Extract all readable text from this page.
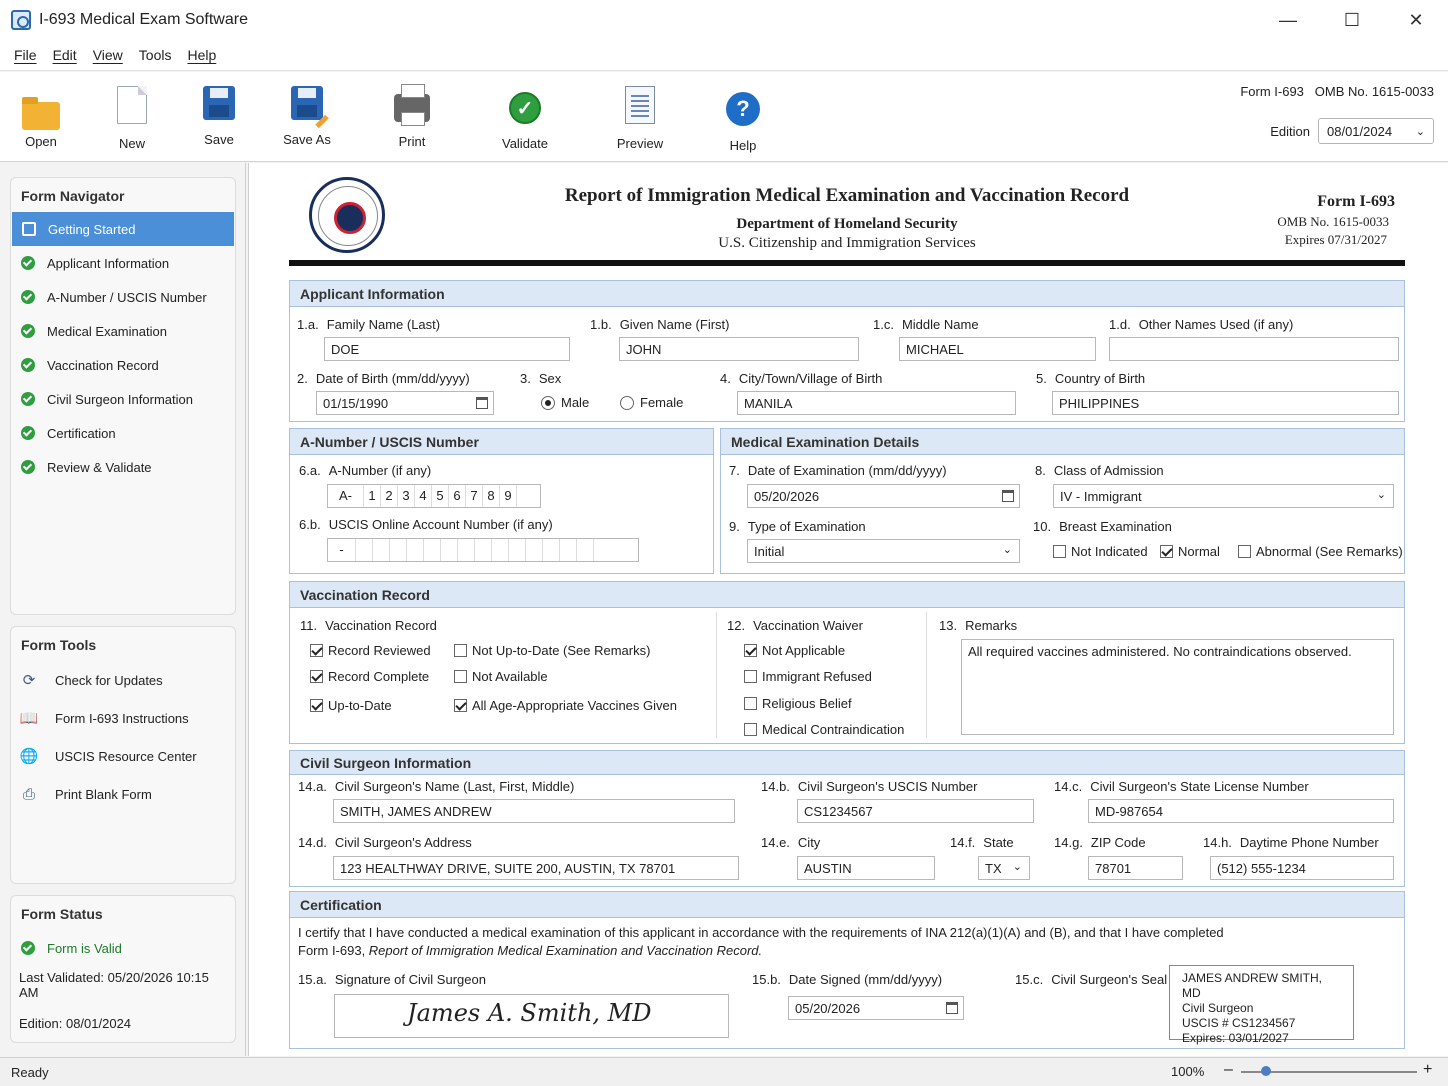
I-693 Medical Exam Software	—	☐	✕
File	Edit	View	Tools	Help
Open	New	Save	Save As	Print
✓
Validate	Preview
?
Help
Form I-693 OMB No. 1615-0033
Edition 08/01/2024 ⌄
Form Navigator
Getting Started
Applicant Information
A-Number / USCIS Number
Medical Examination
Vaccination Record
Civil Surgeon Information
Certification
Review & Validate
Form Tools
⟳ Check for Updates
📖 Form I-693 Instructions
🌐 USCIS Resource Center
⎙	Print Blank Form
Form Status
Form is Valid
Last Validated: 05/20/2026 10:15 AM
Edition: 08/01/2024
Report of Immigration Medical Examination and Vaccination Record
Department of Homeland Security
U.S. Citizenship and Immigration Services
Form I-693
OMB No. 1615-0033
Expires 07/31/2027
Applicant Information
1.a. Family Name (Last)
DOE
1.b. Given Name (First)
JOHN
1.c. Middle Name
MICHAEL
1.d. Other Names Used (if any)
2. Date of Birth (mm/dd/yyyy)
01/15/1990
3. Sex
Male	Female
4. City/Town/Village of Birth
MANILA
5. Country of Birth
PHILIPPINES
A-Number / USCIS Number
6.a. A-Number (if any)
A-	1 2 3 4 5 6 7 8 9
6.b. USCIS Online Account Number (if any)
-
Medical Examination Details
7. Date of Examination (mm/dd/yyyy)
05/20/2026
8. Class of Admission
IV - Immigrant	⌄
9. Type of Examination
Initial	⌄
10. Breast Examination
Not Indicated Normal	Abnormal (See Remarks)
Vaccination Record
11. Vaccination Record
Record Reviewed
Record Complete
Up-to-Date
Not Up-to-Date (See Remarks)
Not Available
All Age-Appropriate Vaccines Given
12. Vaccination Waiver
Not Applicable
Immigrant Refused
Religious Belief
Medical Contraindication
13. Remarks
All required vaccines administered. No contraindications observed.
Civil Surgeon Information
14.a. Civil Surgeon's Name (Last, First, Middle)
SMITH, JAMES ANDREW
14.b. Civil Surgeon's USCIS Number
CS1234567
14.c. Civil Surgeon's State License Number
MD-987654
14.d. Civil Surgeon's Address
123 HEALTHWAY DRIVE, SUITE 200, AUSTIN, TX 78701
14.e. City
AUSTIN
14.f. State
TX ⌄
14.g. ZIP Code
78701
14.h. Daytime Phone Number
(512) 555-1234
Certification
I certify that I have conducted a medical examination of this applicant in accordance with the requirements of INA 212(a)(1)(A) and (B), and that I have completed
Form I-693, Report of Immigration Medical Examination and Vaccination Record.
15.a. Signature of Civil Surgeon
James A. Smith, MD
15.b. Date Signed (mm/dd/yyyy)
05/20/2026
15.c. Civil Surgeon's Seal JAMES ANDREW SMITH, MD
Civil Surgeon
USCIS # CS1234567
Expires: 03/01/2027
Ready	100% –	+
